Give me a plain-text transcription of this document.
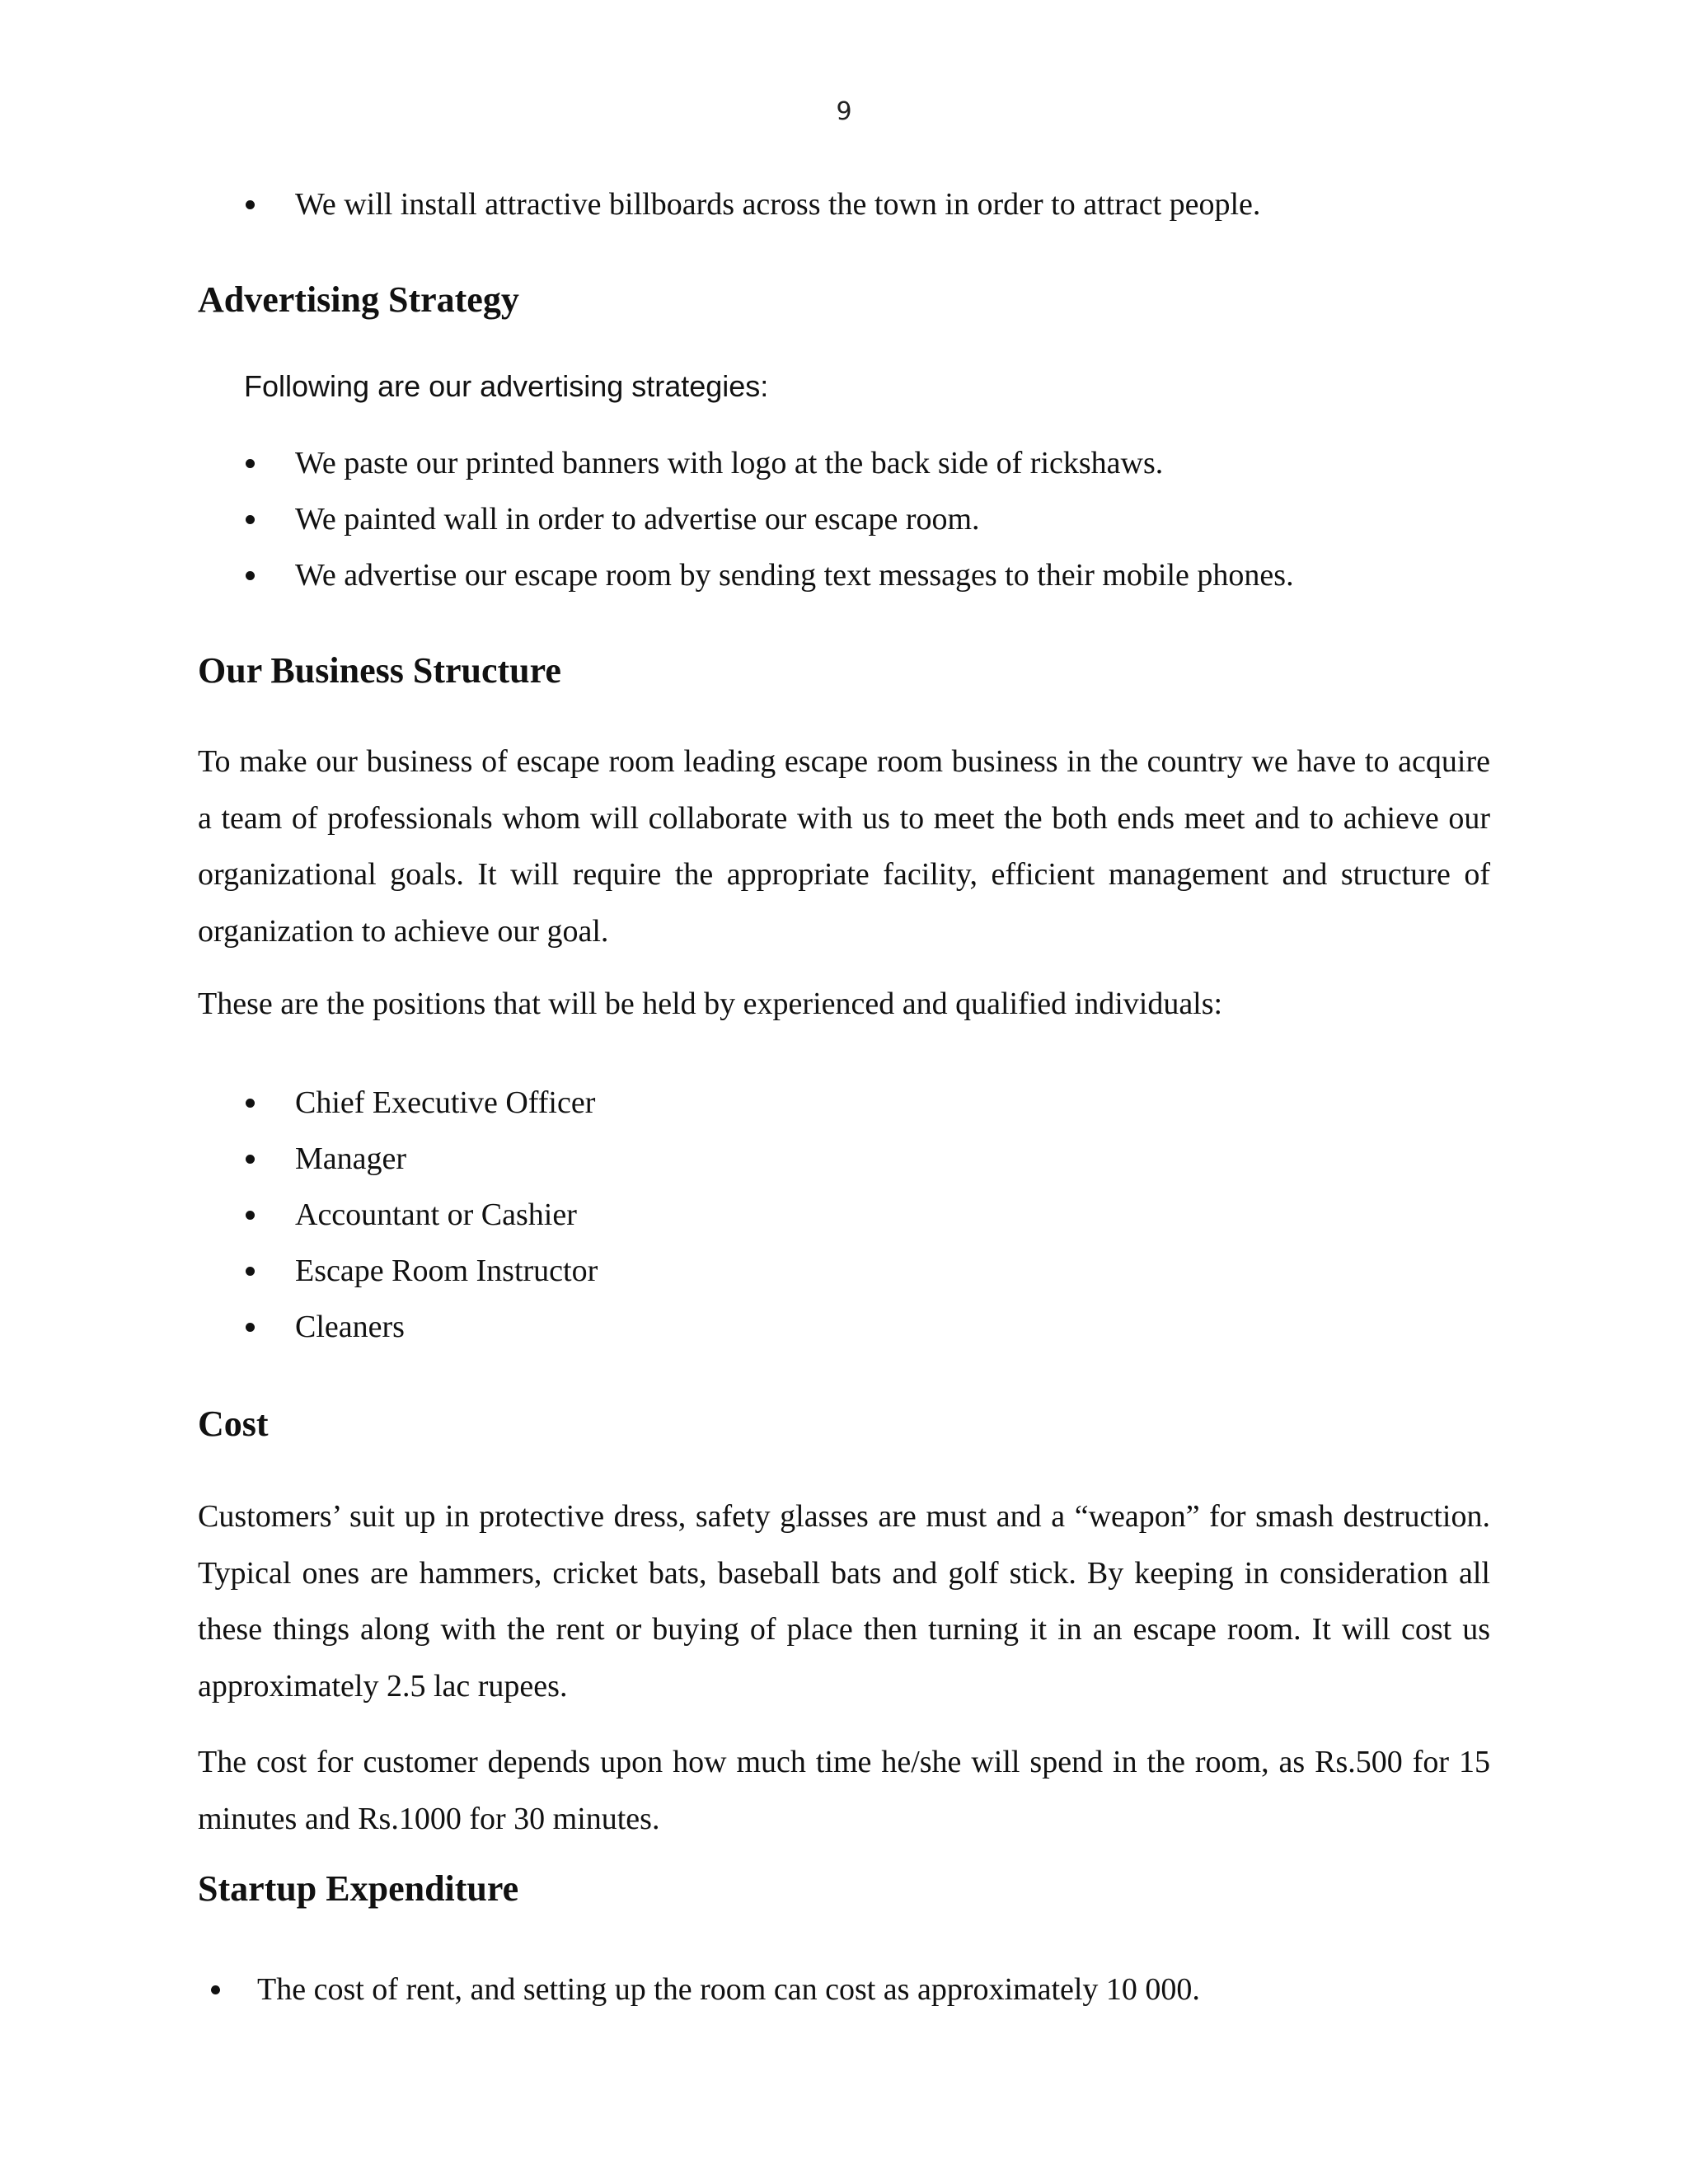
9
We will install attractive billboards across the town in order to attract people.
Advertising Strategy
Following are our advertising strategies:
We paste our printed banners with logo at the back side of rickshaws.
We painted wall in order to advertise our escape room.
We advertise our escape room by sending text messages to their mobile phones.
Our Business Structure

To make our business of escape room leading escape room business in the country we have to acquire a team of professionals whom will collaborate with us to meet the both ends meet and to achieve our organizational goals. It will require the appropriate facility, efficient management and structure of organization to achieve our goal.

These are the positions that will be held by experienced and qualified individuals:
Chief Executive Officer
Manager
Accountant or Cashier
Escape Room Instructor
Cleaners
Cost

Customers’ suit up in protective dress, safety glasses are must and a “weapon” for smash destruction. Typical ones are hammers, cricket bats, baseball bats and golf stick. By keeping in consideration all these things along with the rent or buying of place then turning it in an escape room. It will cost us approximately 2.5 lac rupees.

The cost for customer depends upon how much time he/she will spend in the room, as Rs.500 for 15 minutes and Rs.1000 for 30 minutes.

Startup Expenditure
The cost of rent, and setting up the room can cost as approximately 10 000.
